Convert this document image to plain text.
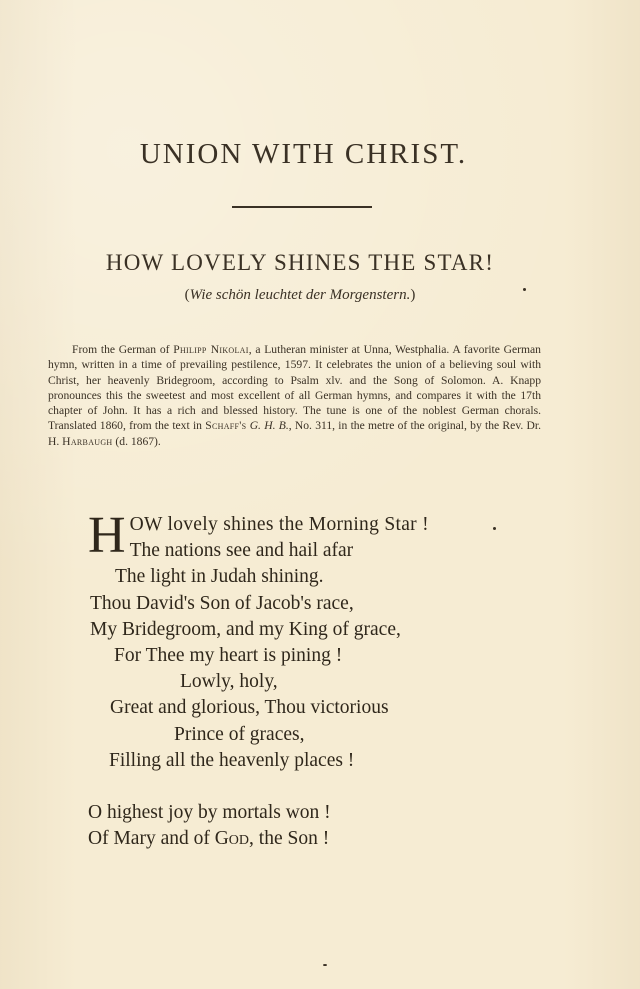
UNION WITH CHRIST.
HOW LOVELY SHINES THE STAR!
(Wie schön leuchtet der Morgenstern.)
From the German of Philipp Nikolai, a Lutheran minister at Unna, Westphalia. A favorite German hymn, written in a time of prevailing pestilence, 1597. It celebrates the union of a believing soul with Christ, her heavenly Bridegroom, according to Psalm xlv. and the Song of Solomon. A. Knapp pronounces this the sweetest and most excellent of all German hymns, and compares it with the 17th chapter of John. It has a rich and blessed history. The tune is one of the noblest German chorals. Translated 1860, from the text in Schaff's G. H. B., No. 311, in the metre of the original, by the Rev. Dr. H. Harbaugh (d. 1867).
H OW lovely shines the Morning Star !
The nations see and hail afar
The light in Judah shining.
Thou David's Son of Jacob's race,
My Bridegroom, and my King of grace,
For Thee my heart is pining !
Lowly, holy,
Great and glorious, Thou victorious
Prince of graces,
Filling all the heavenly places !
O highest joy by mortals won !
Of Mary and of God, the Son !
